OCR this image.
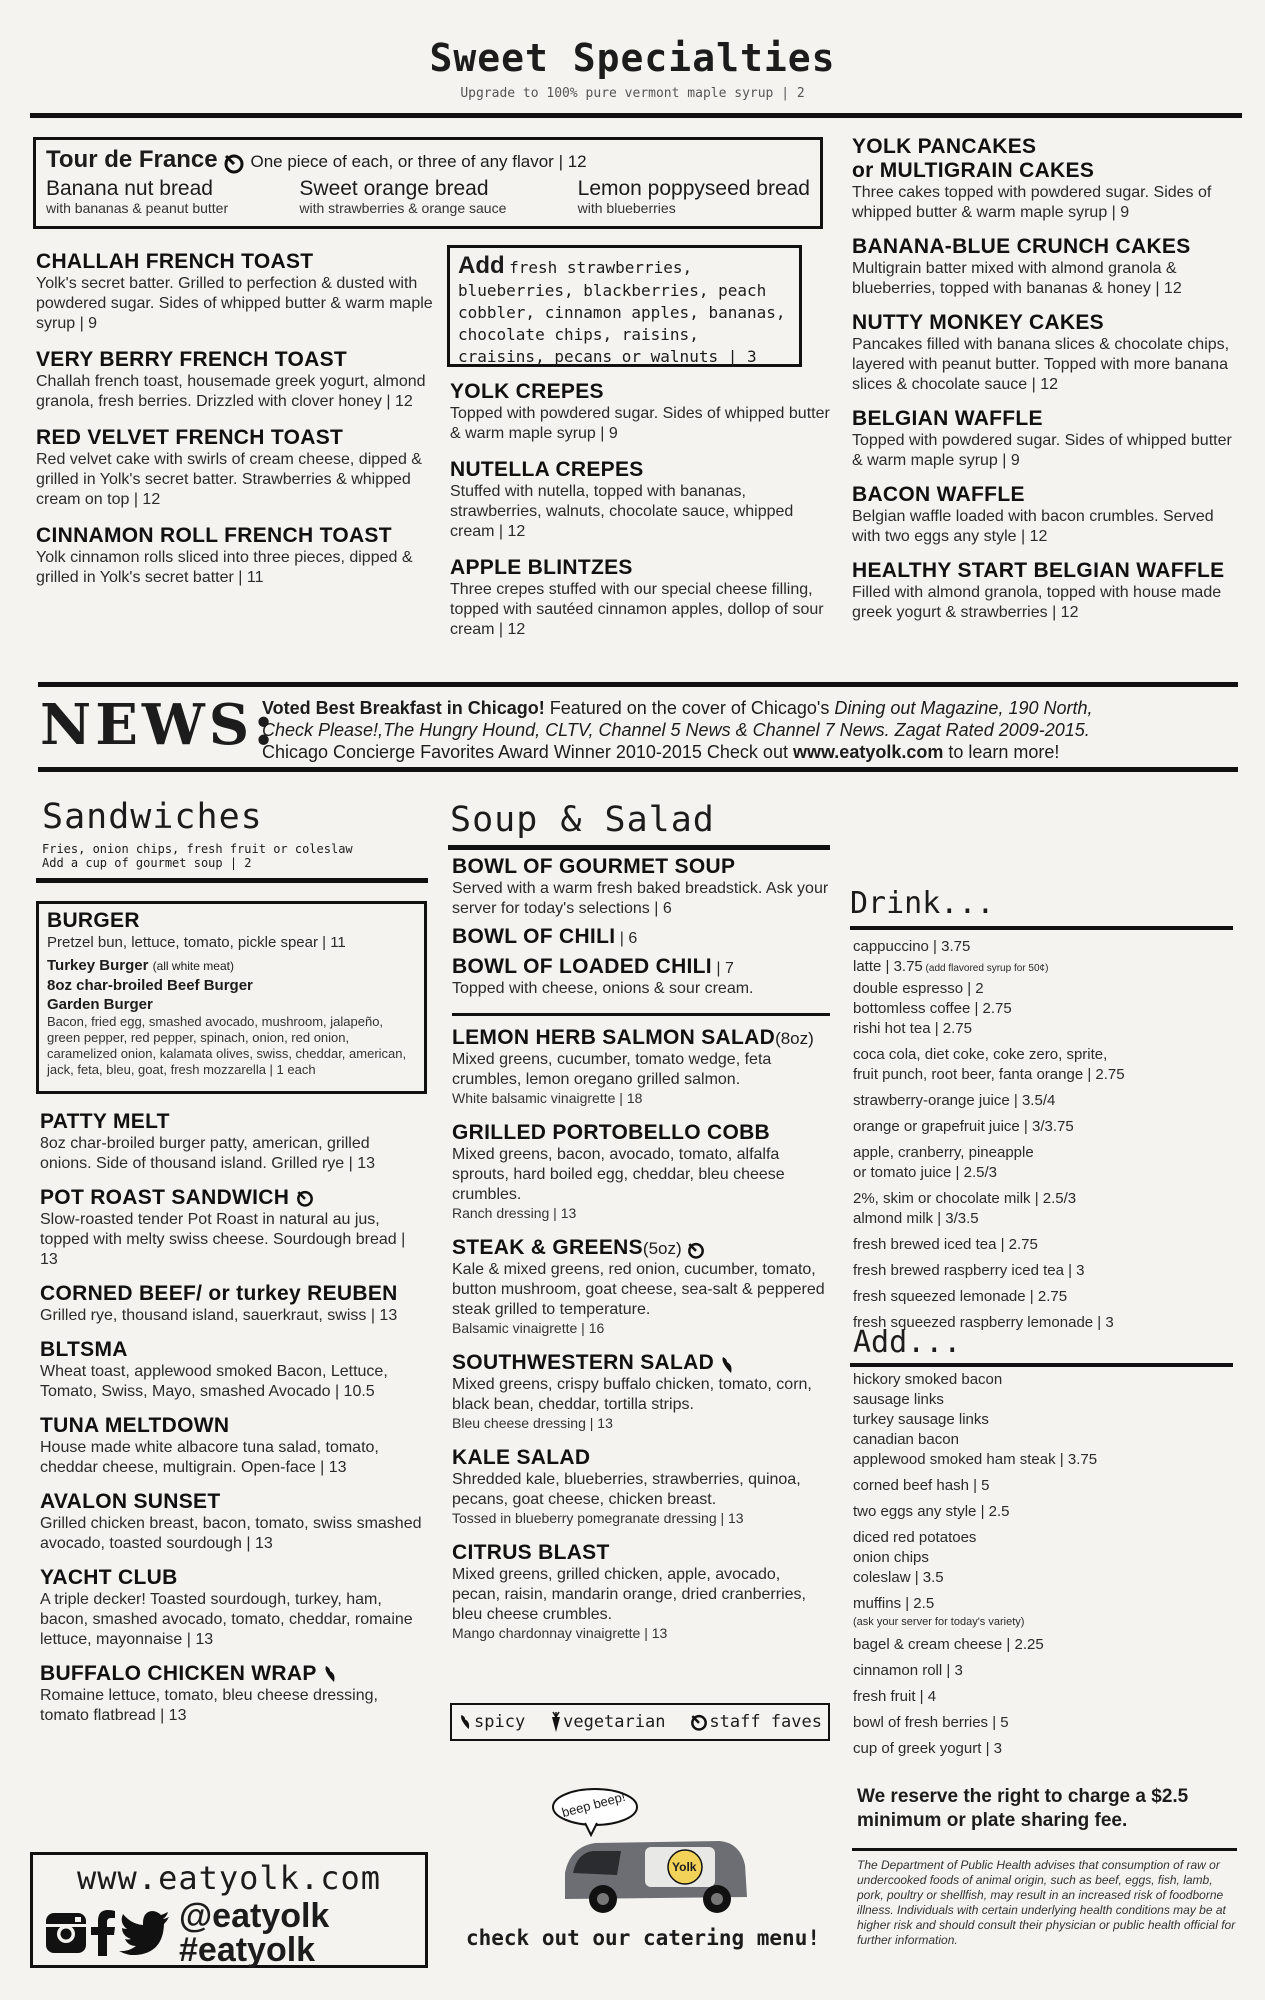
Sweet Specialties
Upgrade to 100% pure vermont maple syrup | 2
Tour de France One piece of each, or three of any flavor | 12
Banana nut bread
with bananas & peanut butter
Sweet orange bread
with strawberries & orange sauce
Lemon poppyseed bread
with blueberries
CHALLAH FRENCH TOAST
Yolk's secret batter. Grilled to perfection & dusted with powdered sugar. Sides of whipped butter & warm maple syrup | 9
VERY BERRY FRENCH TOAST
Challah french toast, housemade greek yogurt, almond granola, fresh berries. Drizzled with clover honey | 12
RED VELVET FRENCH TOAST
Red velvet cake with swirls of cream cheese, dipped & grilled in Yolk's secret batter. Strawberries & whipped cream on top | 12
CINNAMON ROLL FRENCH TOAST
Yolk cinnamon rolls sliced into three pieces, dipped & grilled in Yolk's secret batter | 11
Add fresh strawberries, blueberries, blackberries, peach cobbler, cinnamon apples, bananas, chocolate chips, raisins, craisins, pecans or walnuts | 3
YOLK CREPES
Topped with powdered sugar. Sides of whipped butter & warm maple syrup | 9
NUTELLA CREPES
Stuffed with nutella, topped with bananas, strawberries, walnuts, chocolate sauce, whipped cream | 12
APPLE BLINTZES
Three crepes stuffed with our special cheese filling, topped with sautéed cinnamon apples, dollop of sour cream | 12
YOLK PANCAKES
or MULTIGRAIN CAKES
Three cakes topped with powdered sugar. Sides of whipped butter & warm maple syrup | 9
BANANA-BLUE CRUNCH CAKES
Multigrain batter mixed with almond granola & blueberries, topped with bananas & honey | 12
NUTTY MONKEY CAKES
Pancakes filled with banana slices & chocolate chips, layered with peanut butter. Topped with more banana slices & chocolate sauce | 12
BELGIAN WAFFLE
Topped with powdered sugar. Sides of whipped butter & warm maple syrup | 9
BACON WAFFLE
Belgian waffle loaded with bacon crumbles. Served with two eggs any style | 12
HEALTHY START BELGIAN WAFFLE
Filled with almond granola, topped with house made greek yogurt & strawberries | 12
NEWS:
Voted Best Breakfast in Chicago! Featured on the cover of Chicago's Dining out Magazine, 190 North,
Check Please!,The Hungry Hound, CLTV, Channel 5 News & Channel 7 News. Zagat Rated 2009-2015.
Chicago Concierge Favorites Award Winner 2010-2015 Check out www.eatyolk.com to learn more!
Sandwiches
Fries, onion chips, fresh fruit or coleslaw
Add a cup of gourmet soup | 2
BURGER
Pretzel bun, lettuce, tomato, pickle spear | 11
Turkey Burger (all white meat)
8oz char-broiled Beef Burger
Garden Burger
Bacon, fried egg, smashed avocado, mushroom, jalapeño, green pepper, red pepper, spinach, onion, red onion, caramelized onion, kalamata olives, swiss, cheddar, american, jack, feta, bleu, goat, fresh mozzarella | 1 each
PATTY MELT
8oz char-broiled burger patty, american, grilled onions. Side of thousand island. Grilled rye | 13
POT ROAST SANDWICH
Slow-roasted tender Pot Roast in natural au jus, topped with melty swiss cheese. Sourdough bread | 13
CORNED BEEF/ or turkey REUBEN
Grilled rye, thousand island, sauerkraut, swiss | 13
BLTSMA
Wheat toast, applewood smoked Bacon, Lettuce, Tomato, Swiss, Mayo, smashed Avocado | 10.5
TUNA MELTDOWN
House made white albacore tuna salad, tomato, cheddar cheese, multigrain. Open-face | 13
AVALON SUNSET
Grilled chicken breast, bacon, tomato, swiss smashed avocado, toasted sourdough | 13
YACHT CLUB
A triple decker! Toasted sourdough, turkey, ham, bacon, smashed avocado, tomato, cheddar, romaine lettuce, mayonnaise | 13
BUFFALO CHICKEN WRAP
Romaine lettuce, tomato, bleu cheese dressing, tomato flatbread | 13
Soup & Salad
BOWL OF GOURMET SOUP
Served with a warm fresh baked breadstick. Ask your server for today's selections | 6
BOWL OF CHILI | 6
BOWL OF LOADED CHILI | 7
Topped with cheese, onions & sour cream.
LEMON HERB SALMON SALAD(8oz)
Mixed greens, cucumber, tomato wedge, feta crumbles, lemon oregano grilled salmon.
White balsamic vinaigrette | 18
GRILLED PORTOBELLO COBB
Mixed greens, bacon, avocado, tomato, alfalfa sprouts, hard boiled egg, cheddar, bleu cheese crumbles.
Ranch dressing | 13
STEAK & GREENS(5oz)
Kale & mixed greens, red onion, cucumber, tomato, button mushroom, goat cheese, sea-salt & peppered steak grilled to temperature.
Balsamic vinaigrette | 16
SOUTHWESTERN SALAD
Mixed greens, crispy buffalo chicken, tomato, corn, black bean, cheddar, tortilla strips.
Bleu cheese dressing | 13
KALE SALAD
Shredded kale, blueberries, strawberries, quinoa, pecans, goat cheese, chicken breast.
Tossed in blueberry pomegranate dressing | 13
CITRUS BLAST
Mixed greens, grilled chicken, apple, avocado, pecan, raisin, mandarin orange, dried cranberries, bleu cheese crumbles.
Mango chardonnay vinaigrette | 13
spicy vegetarian	staff faves
Drink...
cappuccino | 3.75
latte | 3.75 (add flavored syrup for 50¢)
double espresso | 2
bottomless coffee | 2.75
rishi hot tea | 2.75
coca cola, diet coke, coke zero, sprite,
fruit punch, root beer, fanta orange | 2.75
strawberry-orange juice | 3.5/4
orange or grapefruit juice | 3/3.75
apple, cranberry, pineapple
or tomato juice | 2.5/3
2%, skim or chocolate milk | 2.5/3
almond milk | 3/3.5
fresh brewed iced tea | 2.75
fresh brewed raspberry iced tea | 3
fresh squeezed lemonade | 2.75
fresh squeezed raspberry lemonade | 3
Add...
hickory smoked bacon
sausage links
turkey sausage links
canadian bacon
applewood smoked ham steak | 3.75
corned beef hash | 5
two eggs any style | 2.5
diced red potatoes
onion chips
coleslaw | 3.5
muffins | 2.5
(ask your server for today's variety)
bagel & cream cheese | 2.25
cinnamon roll | 3
fresh fruit | 4
bowl of fresh berries | 5
cup of greek yogurt | 3
www.eatyolk.com
@eatyolk
#eatyolk
beep beep!
Yolk
check out our catering menu!
We reserve the right to charge a $2.5 minimum or plate sharing fee.
The Department of Public Health advises that consumption of raw or undercooked foods of animal origin, such as beef, eggs, fish, lamb, pork, poultry or shellfish, may result in an increased risk of foodborne illness. Individuals with certain underlying health conditions may be at higher risk and should consult their physician or public health official for further information.
